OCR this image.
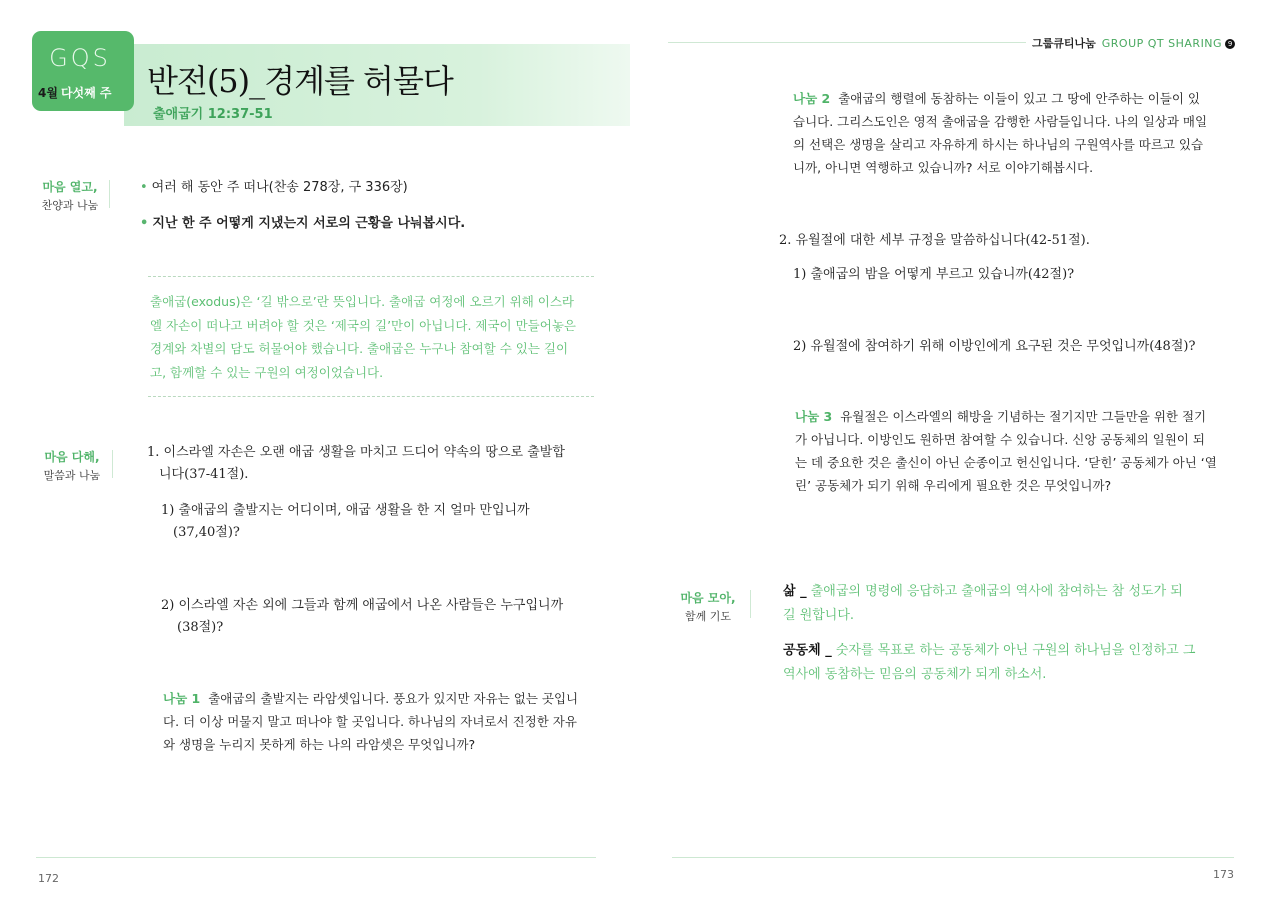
GQS
4월 다섯째 주 반전(5)_경계를 허물다
출애굽기 12:37-51
마음 열고,
찬양과 나눔
• 여러 해 동안 주 떠나(찬송 278장, 구 336장)
• 지난 한 주 어떻게 지냈는지 서로의 근황을 나눠봅시다.
출애굽(exodus)은 ‘길 밖으로’란 뜻입니다. 출애굽 여정에 오르기 위해 이스라
엘 자손이 떠나고 버려야 할 것은 ‘제국의 길’만이 아닙니다. 제국이 만들어놓은
경계와 차별의 담도 허물어야 했습니다. 출애굽은 누구나 참여할 수 있는 길이
고, 함께할 수 있는 구원의 여정이었습니다.
마음 다해,
말씀과 나눔
1. 이스라엘 자손은 오랜 애굽 생활을 마치고 드디어 약속의 땅으로 출발합
니다(37-41절).
1) 출애굽의 출발지는 어디이며, 애굽 생활을 한 지 얼마 만입니까
(37,40절)?
2) 이스라엘 자손 외에 그들과 함께 애굽에서 나온 사람들은 누구입니까
(38절)?
나눔 1 출애굽의 출발지는 라암셋입니다. 풍요가 있지만 자유는 없는 곳입니
다. 더 이상 머물지 말고 떠나야 할 곳입니다. 하나님의 자녀로서 진정한 자유
와 생명을 누리지 못하게 하는 나의 라암셋은 무엇입니까?
172
그룹큐티나눔 GROUP QT SHARING 9
나눔 2 출애굽의 행렬에 동참하는 이들이 있고 그 땅에 안주하는 이들이 있
습니다. 그리스도인은 영적 출애굽을 감행한 사람들입니다. 나의 일상과 매일
의 선택은 생명을 살리고 자유하게 하시는 하나님의 구원역사를 따르고 있습
니까, 아니면 역행하고 있습니까? 서로 이야기해봅시다.
2. 유월절에 대한 세부 규정을 말씀하십니다(42-51절).
1) 출애굽의 밤을 어떻게 부르고 있습니까(42절)?
2) 유월절에 참여하기 위해 이방인에게 요구된 것은 무엇입니까(48절)?
나눔 3 유월절은 이스라엘의 해방을 기념하는 절기지만 그들만을 위한 절기
가 아닙니다. 이방인도 원하면 참여할 수 있습니다. 신앙 공동체의 일원이 되
는 데 중요한 것은 출신이 아닌 순종이고 헌신입니다. ‘닫힌’ 공동체가 아닌 ‘열
린’ 공동체가 되기 위해 우리에게 필요한 것은 무엇입니까?
마음 모아,
함께 기도
삶 _ 출애굽의 명령에 응답하고 출애굽의 역사에 참여하는 참 성도가 되
길 원합니다.
공동체 _ 숫자를 목표로 하는 공동체가 아닌 구원의 하나님을 인정하고 그
역사에 동참하는 믿음의 공동체가 되게 하소서.
173
